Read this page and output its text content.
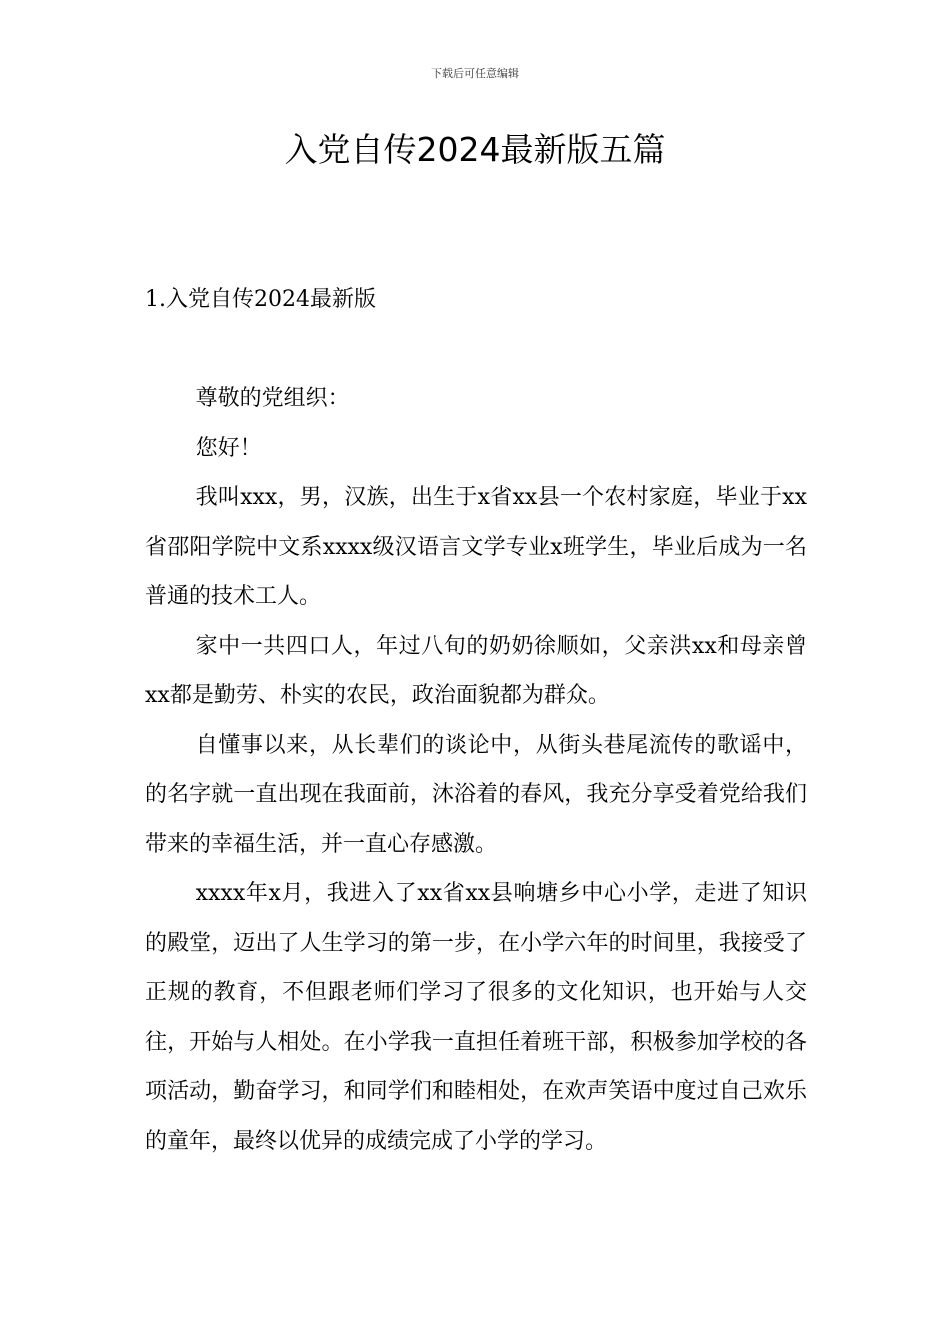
下载后可任意编辑
入党自传2024最新版五篇
1.入党自传2024最新版

尊敬的党组织：

您好！

我叫xxx，男，汉族，出生于x省xx县一个农村家庭，毕业于xx省邵阳学院中文系xxxx级汉语言文学专业x班学生，毕业后成为一名普通的技术工人。

家中一共四口人，年过八旬的奶奶徐顺如，父亲洪xx和母亲曾xx都是勤劳、朴实的农民，政治面貌都为群众。

自懂事以来，从长辈们的谈论中，从街头巷尾流传的歌谣中，的名字就一直出现在我面前，沐浴着的春风，我充分享受着党给我们带来的幸福生活，并一直心存感激。

xxxx年x月，我进入了xx省xx县响塘乡中心小学，走进了知识的殿堂，迈出了人生学习的第一步，在小学六年的时间里，我接受了正规的教育，不但跟老师们学习了很多的文化知识，也开始与人交往，开始与人相处。在小学我一直担任着班干部，积极参加学校的各项活动，勤奋学习，和同学们和睦相处，在欢声笑语中度过自己欢乐的童年，最终以优异的成绩完成了小学的学习。
